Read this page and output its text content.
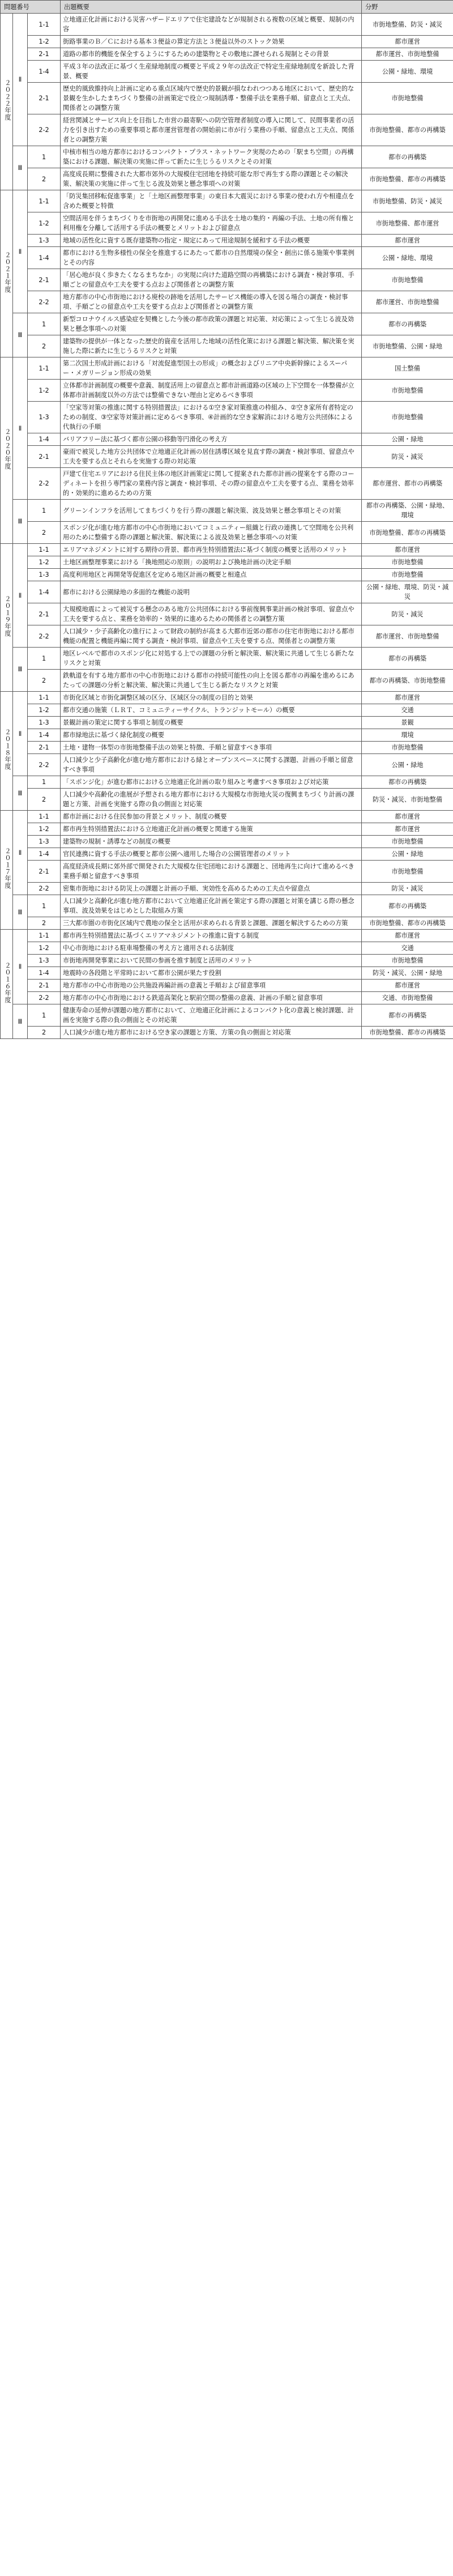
問題番号			出題概要	分野
２０２２年度	Ⅱ	1-1	立地適正化計画における災害ハザードエリアで住宅建設などが規制される複数の区域と概要、規制の内容	市街地整備、防災・減災
		1-2	街路事業のＢ／Ｃにおける基本３便益の算定方法と３便益以外のストック効果	都市運営
		2-1	道路の都市的機能を保全するようにするための建築物とその敷地に課せられる規制とその背景	都市運営、市街地整備
		1-4	平成３年の法改正に基づく生産緑地制度の概要と平成２９年の法改正で特定生産緑地制度を新設した背景、概要	公園・緑地、環境
		2-1	歴史的風致維持向上計画に定める重点区域内で歴史的景観が損なわれつつある地区において、歴史的な景観を生かしたまちづくり整備の計画策定で役立つ規制誘導・整備手法を業務手順、留意点と工夫点、関係者との調整方策	市街地整備
		2-2	経営関減とサービス向上を目指した市営の最寄駅への防空管理者制度の導入に関して、民間事業者の活力を引き出すための重要事項と都市運営管理者の開始前に市が行う業務の手順、留意点と工夫点、関係者との調整方策	市街地整備、都市の再構築
	Ⅲ	1	中核市相当の地方都市におけるコンパクト・プラス・ネットワーク実現のための「駅まち空間」の再構築における課題、解決策の実施に伴って新たに生じうるリスクとその対策	都市の再構築
		2	高度成長期に整備された大都市郊外の大規模住宅団地を持続可能な形で再生する際の課題とその解決策、解決策の実施に伴って生じる波及効果と懸念事項への対策	市街地整備、都市の再構築
２０２１年度	Ⅱ	1-1	「防災集団移転促進事業」と「土地区画整理事業」の東日本大震災における事業の使われ方や相違点を含めた概要と特徴	市街地整備、防災・減災
		1-2	空間活用を伴うまちづくりを市街地の再開発に進める手法を土地の集約・再編の手法、土地の所有権と利用権を分離して活用する手法の概要とメリットおよび留意点	市街地整備、都市運営
		1-3	地域の活性化に資する既存建築物の指定・規定にあって用途規制を緩和する手法の概要	都市運営
		1-4	都市における生物多様性の保全を推進するにあたって都市の自然環境の保全・創出に係る施策や事業例とその内容	公園・緑地、環境
		2-1	「居心地が良く歩きたくなるまちなか」の実現に向けた道路空間の再構築における調査・検討事項、手順ごとの留意点や工夫を要する点および関係者との調整方策	市街地整備
		2-2	地方都市の中心市街地における廃校の跡地を活用したサービス機能の導入を図る場合の調査・検討事項、手順ごとの留意点や工夫を要する点および関係者との調整方策	都市運営、市街地整備
	Ⅲ	1	新型コロナウイルス感染症を契機とした今後の都市政策の課題と対応策、対応策によって生じる波及効果と懸念事項への対策	都市の再構築
		2	建築物の提供が一体となった歴史的資産を活用した地域の活性化策における課題と解決策、解決策を実施した際に新たに生じうるリスクと対策	市街地整備、公園・緑地
２０２０年度	Ⅱ	1-1	第二次国土形成計画における「対流促進型国土の形成」の概念およびリニア中央新幹線によるスーパー・メガリージョン形成の効果	国土整備
		1-2	立体都市計画制度の概要や意義、制度活用上の留意点と都市計画道路の区域の上下空間を一体整備が立体都市計画制度以外の方法では整備できない理由と定めるべき事項	市街地整備
		1-3	「空家等対策の推進に関する特別措置法」における①空き家対策推進の枠組み、②空き家所有者特定のための制度、③空家等対策計画に定めるべき事項、④計画的な空き家解消における地方公共団体による代執行の手順	市街地整備
		1-4	バリアフリー法に基づく都市公園の移動等円滑化の考え方	公園・緑地
		2-1	豪雨で被災した地方公共団体で立地適正化計画の居住誘導区域を見直す際の調査・検討事項、留意点や工夫を要する点とそれらを実施する際の対応策	防災・減災
		2-2	戸建て住宅エリアにおける住民主体の地区計画策定に関して提案された都市計画の提案をする際のコーディネートを担う専門家の業務内容と調査・検討事項、その際の留意点や工夫を要する点、業務を効率的・効果的に進めるための方策	都市運営、都市の再構築
	Ⅲ	1	グリーンインフラを活用してまちづくりを行う際の課題と解決策、波及効果と懸念事項とその対策	都市の再構築、公園・緑地、環境
		2	スポンジ化が進む地方都市の中心市街地においてコミュニティー組織と行政の連携して空間地を公共利用のために整備する際の課題と解決策、解決策による波及効果と懸念事項への対策	市街地整備、都市の再構築
２０１９年度	Ⅱ	1-1	エリアマネジメントに対する期待の背景、都市再生特別措置法に基づく制度の概要と活用のメリット	都市運営
		1-2	土地区画整理事業における「換地照応の原則」の説明および換地計画の決定手順	市街地整備
		1-3	高度利用地区と再開発等促進区を定める地区計画の概要と相違点	市街地整備
		1-4	都市における公園緑地の多面的な機能の説明	公園・緑地、環境、防災・減災
		2-1	大規模地震によって被災する懸念のある地方公共団体における事前復興事業計画の検討事項、留意点や工夫を要する点と、業務を効率的・効果的に進めるための関係者との調整方策	防災・減災
		2-2	人口減少・少子高齢化の進行によって財政の制約が高まる大都市近郊の都市の住宅市街地における都市機能の配置と機能再編に関する調査・検討事項、留意点や工夫を要する点、関係者との調整方策	都市運営、市街地整備
	Ⅲ	1	地区レベルで都市のスポンジ化に対処する上での課題の分析と解決策、解決策に共通して生じる新たなリスクと対策	都市の再構築
		2	鉄軌道を有する地方都市の中心市街地における都市の持続可能性の向上を図る都市の再編を進めるにあたっての課題の分析と解決策、解決策に共通して生じる新たなリスクと対策	都市の再構築、市街地整備
２０１８年度	Ⅱ	1-1	市街化区域と市街化調整区域の区分、区域区分の制度の目的と効果	都市運営
		1-2	都市交通の施策（ＬＲＴ、コミュニティーサイクル、トランジットモール）の概要	交通
		1-3	景観計画の策定に関する事項と制度の概要	景観
		1-4	都市緑地法に基づく緑化制度の概要	環境
		2-1	土地・建物一体型の市街地整備手法の効果と特徴、手順と留意すべき事項	市街地整備
		2-2	人口減少と少子高齢化が進む地方都市における緑とオープンスペースに関する課題、計画の手順と留意すべき事項	公園・緑地
	Ⅲ	1	「スポンジ化」が進む都市における立地適正化計画の取り組みと考慮すべき事項および対応策	都市の再構築
		2	人口減少や高齢化の進展が予想される地方都市における大規模な市街地火災の復興まちづくり計画の課題と方策、計画を実施する際の負の側面と対応策	防災・減災、市街地整備
２０１７年度	Ⅱ	1-1	都市計画における住民参加の背景とメリット、制度の概要	都市運営
		1-2	都市再生特別措置法における立地適正化計画の概要と関連する施策	都市運営
		1-3	建築物の規制・誘導などの制度の概要	市街地整備
		1-4	官民連携に資する手法の概要と都市公園へ適用した場合の公園管理者のメリット	公園・緑地
		2-1	高度経済成長期に郊外部で開発された大規模な住宅団地における課題と、団地再生に向けて進めるべき業務手順と留意すべき事項	市街地整備
		2-2	密集市街地における防災上の課題と計画の手順、実効性を高めるための工夫点や留意点	防災・減災
	Ⅲ	1	人口減少と高齢化が進む地方都市において立地適正化計画を策定する際の課題と対策を講じる際の懸念事項、波及効果をはじめとした取組み方策	都市の再構築
		2	三大都市圏の市街化区域内で農地の保全と活用が求められる背景と課題、課題を解決するための方策	市街地整備、都市の再構築
２０１６年度	Ⅱ	1-1	都市再生特別措置法に基づくエリアマネジメントの推進に資する制度	都市運営
		1-2	中心市街地における駐車場整備の考え方と適用される法制度	交通
		1-3	市街地再開発事業において民間の参画を推す制度と活用のメリット	市街地整備
		1-4	地震時の各段階と平常時において都市公園が果たす役割	防災・減災、公園・緑地
		2-1	地方都市の中心市街地の公共施設再編計画の意義と手順および留意事項	都市運営
		2-2	地方都市の中心市街地における鉄道高架化と駅前空間の整備の意義、計画の手順と留意事項	交通、市街地整備
	Ⅲ	1	健康寿命の延伸が課題の地方都市において、立地適正化計画によるコンパクト化の意義と検討課題、計画を実施する際の負の側面とその対応策	都市の再構築
		2	人口減少が進む地方都市における空き家の課題と方策、方策の負の側面と対応策	市街地整備、都市の再構築
